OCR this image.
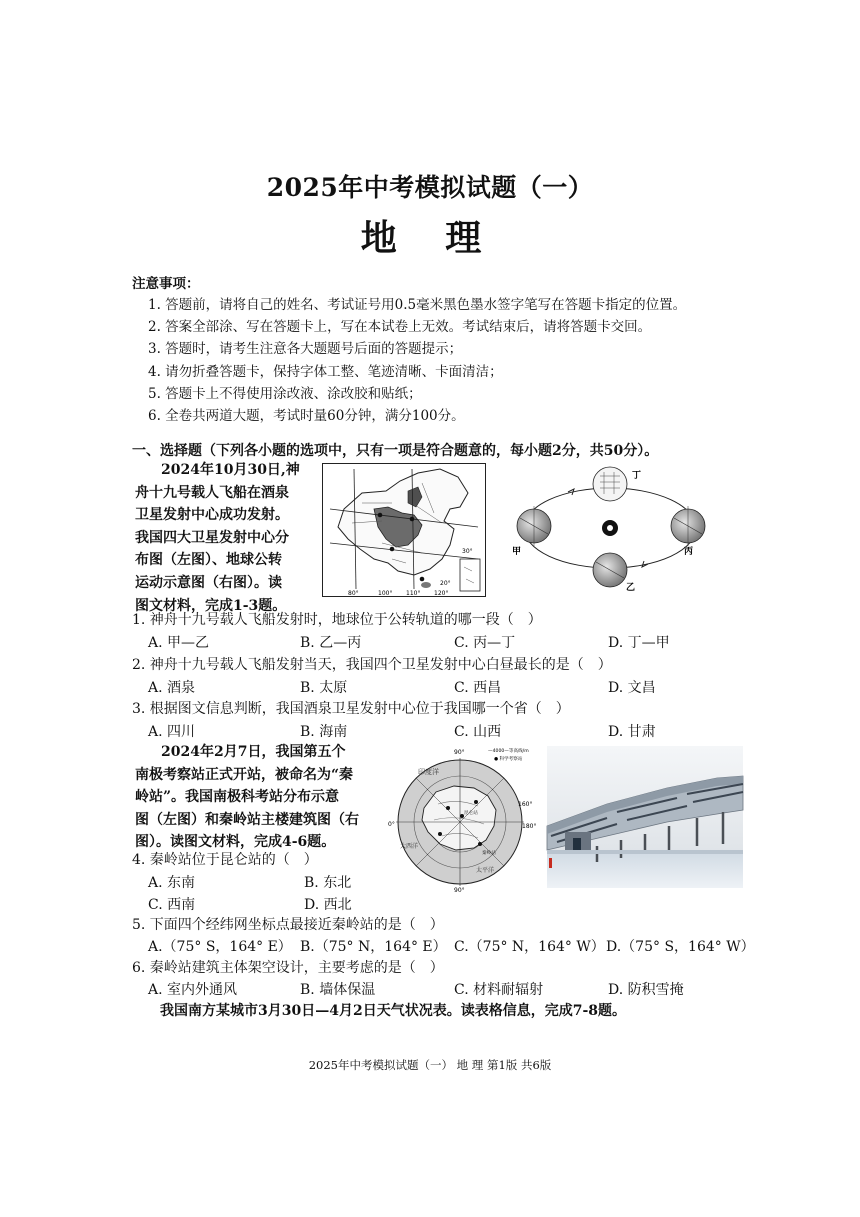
2025年中考模拟试题（一）
地 理
注意事项：
1. 答题前，请将自己的姓名、考试证号用0.5毫米黑色墨水签字笔写在答题卡指定的位置。
2. 答案全部涂、写在答题卡上，写在本试卷上无效。考试结束后，请将答题卡交回。
3. 答题时，请考生注意各大题题号后面的答题提示；
4. 请勿折叠答题卡，保持字体工整、笔迹清晰、卡面清洁；
5. 答题卡上不得使用涂改液、涂改胶和贴纸；
6. 全卷共两道大题，考试时量60分钟，满分100分。
一、选择题（下列各小题的选项中，只有一项是符合题意的，每小题2分，共50分）。
2024年10月30日,神
舟十九号载人飞船在酒泉
卫星发射中心成功发射。
我国四大卫星发射中心分
布图（左图）、地球公转
运动示意图（右图）。读
图文材料，完成1-3题。
30°
80°	110°
100°
20°
120°
甲
乙
丙
丁
1. 神舟十九号载人飞船发射时，地球位于公转轨道的哪一段（　）
A. 甲—乙	B. 乙—丙	C. 丙—丁	D. 丁—甲
2. 神舟十九号载人飞船发射当天，我国四个卫星发射中心白昼最长的是（　）
A. 酒泉	B. 太原	C. 西昌	D. 文昌
3. 根据图文信息判断，我国酒泉卫星发射中心位于我国哪一个省（　）
A. 四川	B. 海南	C. 山西	D. 甘肃
2024年2月7日，我国第五个
南极考察站正式开站，被命名为“秦
岭站”。我国南极科考站分布示意
图（左图）和秦岭站主楼建筑图（右
图）。读图文材料，完成4-6题。
90°	—4000—等高线/m
● 科学考察站
180°
0°
90°
160°
印度洋
太平洋
大西洋
秦岭站
昆仑站
4. 秦岭站位于昆仑站的（　）
A. 东南	B. 东北
C. 西南	D. 西北
5. 下面四个经纬网坐标点最接近秦岭站的是（　）
A.（75° S，164° E） B.（75° N，164° E） C.（75° N，164° W） D.（75° S，164° W）
6. 秦岭站建筑主体架空设计，主要考虑的是（　）
A. 室内外通风	B. 墙体保温	C. 材料耐辐射	D. 防积雪掩
我国南方某城市3月30日—4月2日天气状况表。读表格信息，完成7-8题。
2025年中考模拟试题（一） 地 理 第1版 共6版
